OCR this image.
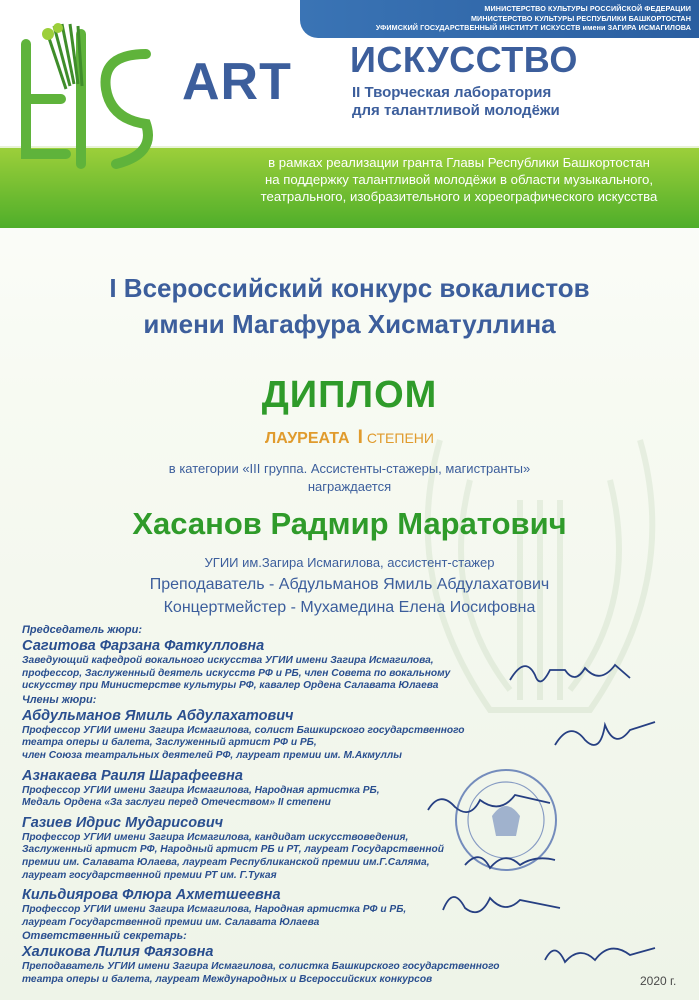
МИНИСТЕРСТВО КУЛЬТУРЫ РОССИЙСКОЙ ФЕДЕРАЦИИ
МИНИСТЕРСТВО КУЛЬТУРЫ РЕСПУБЛИКИ БАШКОРТОСТАН
УФИМСКИЙ ГОСУДАРСТВЕННЫЙ ИНСТИТУТ ИСКУССТВ имени ЗАГИРА ИСМАГИЛОВА
ART ИСКУССТВО
II Творческая лаборатория
для талантливой молодёжи
в рамках реализации гранта Главы Республики Башкортостан
на поддержку талантливой молодёжи в области музыкального,
театрального, изобразительного и хореографического искусства
I Всероссийский конкурс вокалистов
имени Магафура Хисматуллина
ДИПЛОМ
ЛАУРЕАТА I СТЕПЕНИ
в категории «III группа. Ассистенты-стажеры, магистранты»
награждается
Хасанов Радмир Маратович
УГИИ им.Загира Исмагилова, ассистент-стажер
Преподаватель - Абдульманов Ямиль Абдулахатович
Концертмейстер - Мухамедина Елена Иосифовна
Председатель жюри:
Сагитова Фарзана Фаткулловна
Заведующий кафедрой вокального искусства УГИИ имени Загира Исмагилова,
профессор, Заслуженный деятель искусств РФ и РБ, член Совета по вокальному
искусству при Министерстве культуры РФ, кавалер Ордена Салавата Юлаева
Члены жюри:
Абдульманов Ямиль Абдулахатович
Профессор УГИИ имени Загира Исмагилова, солист Башкирского государственного
театра оперы и балета, Заслуженный артист РФ и РБ,
член Союза театральных деятелей РФ, лауреат премии им. М.Акмуллы
Азнакаева Раиля Шарафеевна
Профессор УГИИ имени Загира Исмагилова, Народная артистка РБ,
Медаль Ордена «За заслуги перед Отечеством» II степени
Газиев Идрис Мударисович
Профессор УГИИ имени Загира Исмагилова, кандидат искусствоведения,
Заслуженный артист РФ, Народный артист РБ и РТ, лауреат Государственной
премии им. Салавата Юлаева, лауреат Республиканской премии им.Г.Саляма,
лауреат государственной премии РТ им. Г.Тукая
Кильдиярова Флюра Ахметшеевна
Профессор УГИИ имени Загира Исмагилова, Народная артистка РФ и РБ,
лауреат Государственной премии им. Салавата Юлаева
Ответственный секретарь:
Халикова Лилия Фаязовна
Преподаватель УГИИ имени Загира Исмагилова, солистка Башкирского государственного
театра оперы и балета, лауреат Международных и Всероссийских конкурсов	2020 г.
